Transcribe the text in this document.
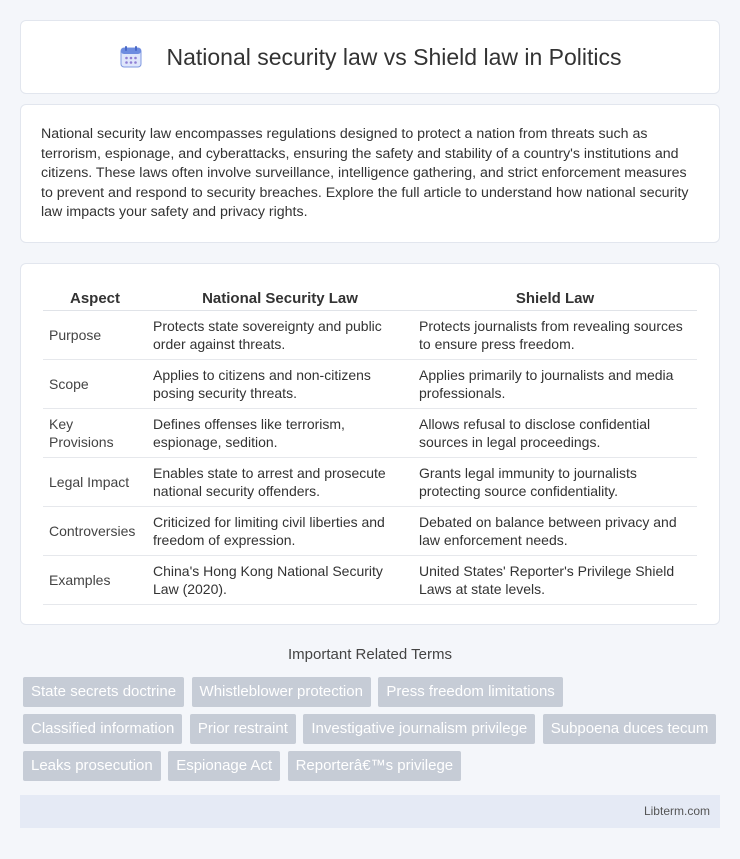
National security law vs Shield law in Politics

National security law encompasses regulations designed to protect a nation from threats such as terrorism, espionage, and cyberattacks, ensuring the safety and stability of a country's institutions and citizens. These laws often involve surveillance, intelligence gathering, and strict enforcement measures to prevent and respond to security breaches. Explore the full article to understand how national security law impacts your safety and privacy rights.

Aspect	National Security Law	Shield Law
Purpose	Protects state sovereignty and public order against threats.	Protects journalists from revealing sources to ensure press freedom.
Scope	Applies to citizens and non-citizens posing security threats.	Applies primarily to journalists and media professionals.
Key Provisions	Defines offenses like terrorism, espionage, sedition.	Allows refusal to disclose confidential sources in legal proceedings.
Legal Impact	Enables state to arrest and prosecute national security offenders.	Grants legal immunity to journalists protecting source confidentiality.
Controversies	Criticized for limiting civil liberties and freedom of expression.	Debated on balance between privacy and law enforcement needs.
Examples	China's Hong Kong National Security Law (2020).	United States' Reporter's Privilege Shield Laws at state levels.
Important Related Terms
State secrets doctrine Whistleblower protection Press freedom limitations Classified information Prior restraint Investigative journalism privilege Subpoena duces tecum Leaks prosecution Espionage Act Reporterâ€™s privilege
Libterm.com
